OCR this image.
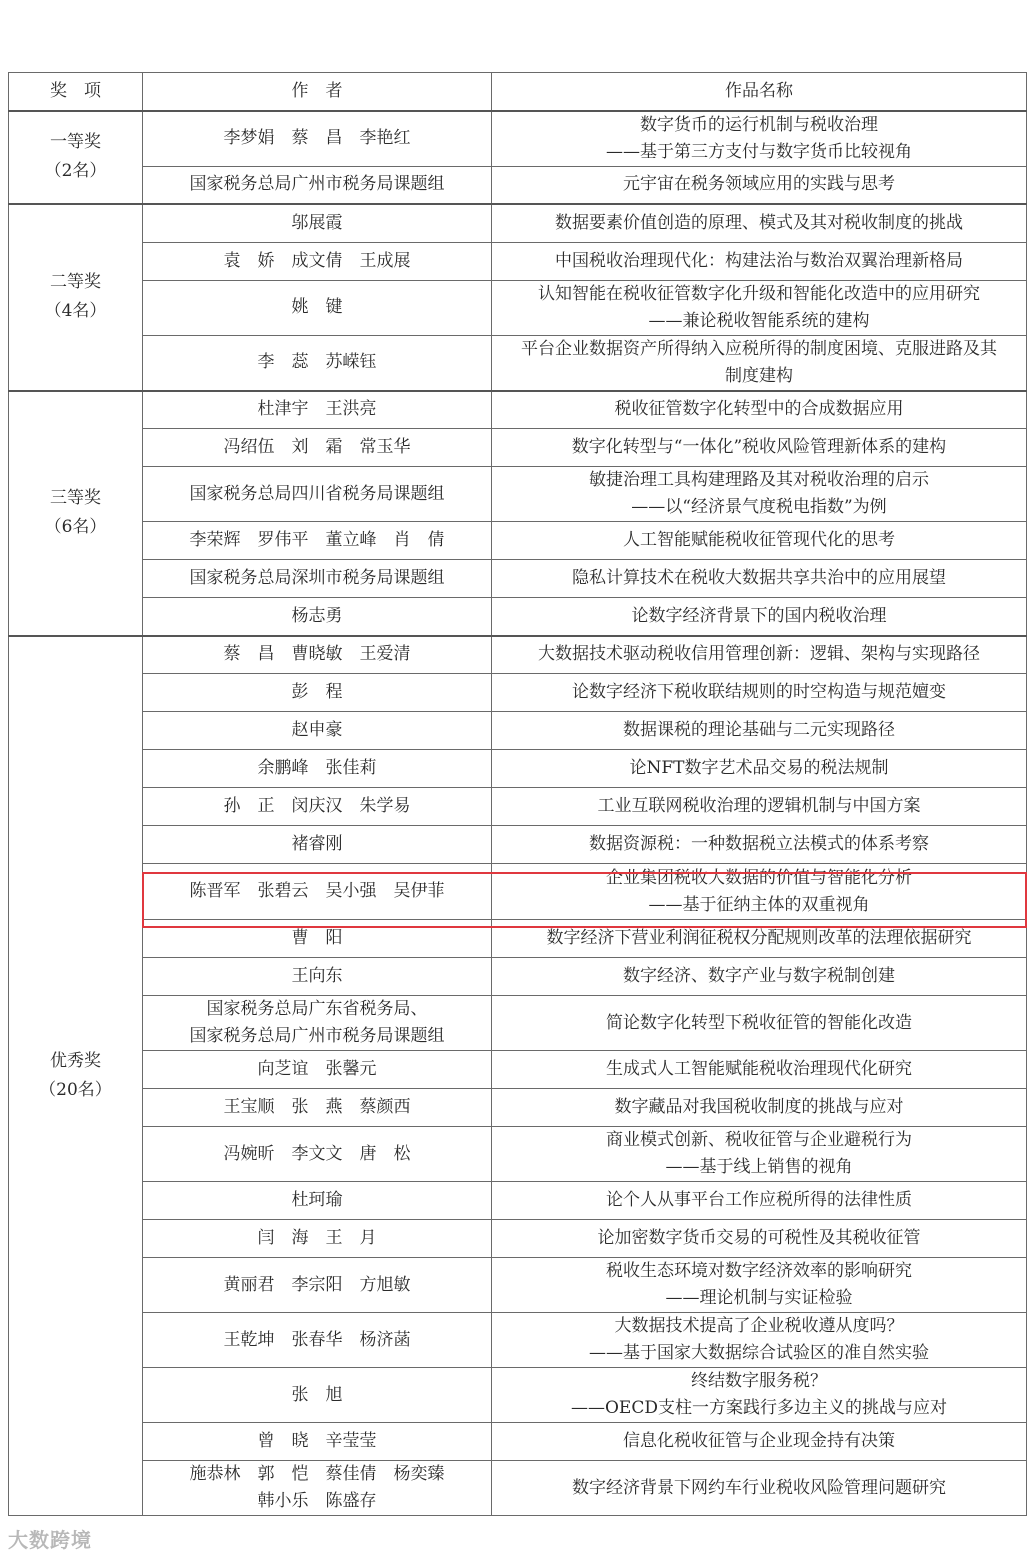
奖　项	作　者	作品名称

一等奖
（2名）	李梦娟　蔡　昌　李艳红	数字货币的运行机制与税收治理
——基于第三方支付与数字货币比较视角

	国家税务总局广州市税务局课题组	元宇宙在税务领域应用的实践与思考

二等奖
（4名）	邬展霞	数据要素价值创造的原理、模式及其对税收制度的挑战

	袁　娇　成文倩　王成展	中国税收治理现代化：构建法治与数治双翼治理新格局

	姚　键	认知智能在税收征管数字化升级和智能化改造中的应用研究
——兼论税收智能系统的建构

	李　蕊　苏嵘钰	平台企业数据资产所得纳入应税所得的制度困境、克服进路及其
制度建构

三等奖
（6名）	杜津宇　王洪亮	税收征管数字化转型中的合成数据应用

	冯绍伍　刘　霜　常玉华	数字化转型与“一体化”税收风险管理新体系的建构

	国家税务总局四川省税务局课题组	敏捷治理工具构建理路及其对税收治理的启示
——以“经济景气度税电指数”为例

	李荣辉　罗伟平　董立峰　肖　倩	人工智能赋能税收征管现代化的思考

	国家税务总局深圳市税务局课题组	隐私计算技术在税收大数据共享共治中的应用展望

	杨志勇	论数字经济背景下的国内税收治理

优秀奖
（20名）	蔡　昌　曹晓敏　王爱清	大数据技术驱动税收信用管理创新：逻辑、架构与实现路径

	彭　程	论数字经济下税收联结规则的时空构造与规范嬗变

	赵申豪	数据课税的理论基础与二元实现路径

	余鹏峰　张佳莉	论NFT数字艺术品交易的税法规制

	孙　正　闵庆汉　朱学易	工业互联网税收治理的逻辑机制与中国方案

	褚睿刚	数据资源税：一种数据税立法模式的体系考察

	陈晋军　张碧云　吴小强　吴伊菲	企业集团税收大数据的价值与智能化分析
——基于征纳主体的双重视角

	曹　阳	数字经济下营业利润征税权分配规则改革的法理依据研究

	王向东	数字经济、数字产业与数字税制创建

	国家税务总局广东省税务局、
国家税务总局广州市税务局课题组	简论数字化转型下税收征管的智能化改造

	向芝谊　张馨元	生成式人工智能赋能税收治理现代化研究

	王宝顺　张　燕　蔡颜西	数字藏品对我国税收制度的挑战与应对

	冯婉昕　李文文　唐　松	商业模式创新、税收征管与企业避税行为
——基于线上销售的视角

	杜珂瑜	论个人从事平台工作应税所得的法律性质

	闫　海　王　月	论加密数字货币交易的可税性及其税收征管

	黄丽君　李宗阳　方旭敏	税收生态环境对数字经济效率的影响研究
——理论机制与实证检验

	王乾坤　张春华　杨济菡	大数据技术提高了企业税收遵从度吗？
——基于国家大数据综合试验区的准自然实验

	张　旭	终结数字服务税？
——OECD支柱一方案践行多边主义的挑战与应对

	曾　晓　辛莹莹	信息化税收征管与企业现金持有决策

	施恭林　郭　恺　蔡佳倩　杨奕臻
韩小乐　陈盛存	数字经济背景下网约车行业税收风险管理问题研究
大数跨境
